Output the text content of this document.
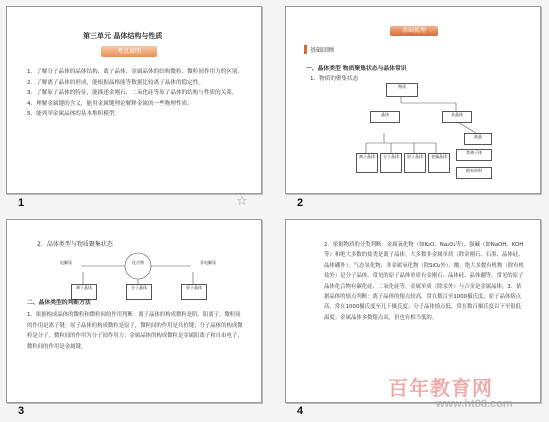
第三单元 晶体结构与性质
考点说明
1．了解分子晶体的晶体结构、离子晶体、金属晶体的结构微粒、微粒间作用力的区别。
2．了解离子晶体的形成，能根据晶格能等数据比较离子晶体的稳定性。
3．了解原子晶体的特征，能描述金刚石、二氧化硅等原子晶体的结构与性质的关系。
4．理解金属键的含义，能用金属键理论解释金属的一些物理性质。
5．能列举金属晶体的基本堆积模型。
1	☆
基础梳理
基础回顾
一、晶体类型 物质聚集状态与晶体常识
1．物质的聚集状态
物质
晶体	非晶体
液晶
等离子体
离子晶体	分子晶体	原子晶体	金属晶体
纳米材料
2
2．晶体类型与物质聚集状态
电解质	化合物	非电解质
离子晶体	分子晶体	原子晶体
二、晶体类型的判断方法

1．依据构成晶体的微粒和微粒间的作用判断：离子晶体的构成微粒是阴、阳离子，微粒间的作用是离子键；原子晶体的构成微粒是原子，微粒间的作用是共价键；分子晶体的构成微粒是分子，微粒间的作用为分子间作用力；金属晶体的构成微粒是金属阳离子和自由电子，微粒间的作用是金属键。

3

2．依据物质的分类判断：金属氧化物（如K₂O、Na₂O₂等）、强碱（如NaOH、KOH等）和绝大多数的盐类是离子晶体。大多数非金属单质（除金刚石、石墨、晶体硅、晶体硼外）、气态氢化物、非金属氧化物（除SiO₂外）、酸、绝大多数有机物（除有机盐外）是分子晶体。常见的原子晶体单质有金刚石、晶体硅、晶体硼等，常见的原子晶体化合物有碳化硅、二氧化硅等。金属单质（除汞外）与合金是金属晶体。3．依据晶体的熔点判断：离子晶体的熔点较高，常在数百至1000摄氏度；原子晶体熔点高，常在1000摄氏度至几千摄氏度；分子晶体熔点低，常在数百摄氏度以下至很低温度；金属晶体多数熔点高，但也有相当低的。

4
百年教育网
www.ht88.com
